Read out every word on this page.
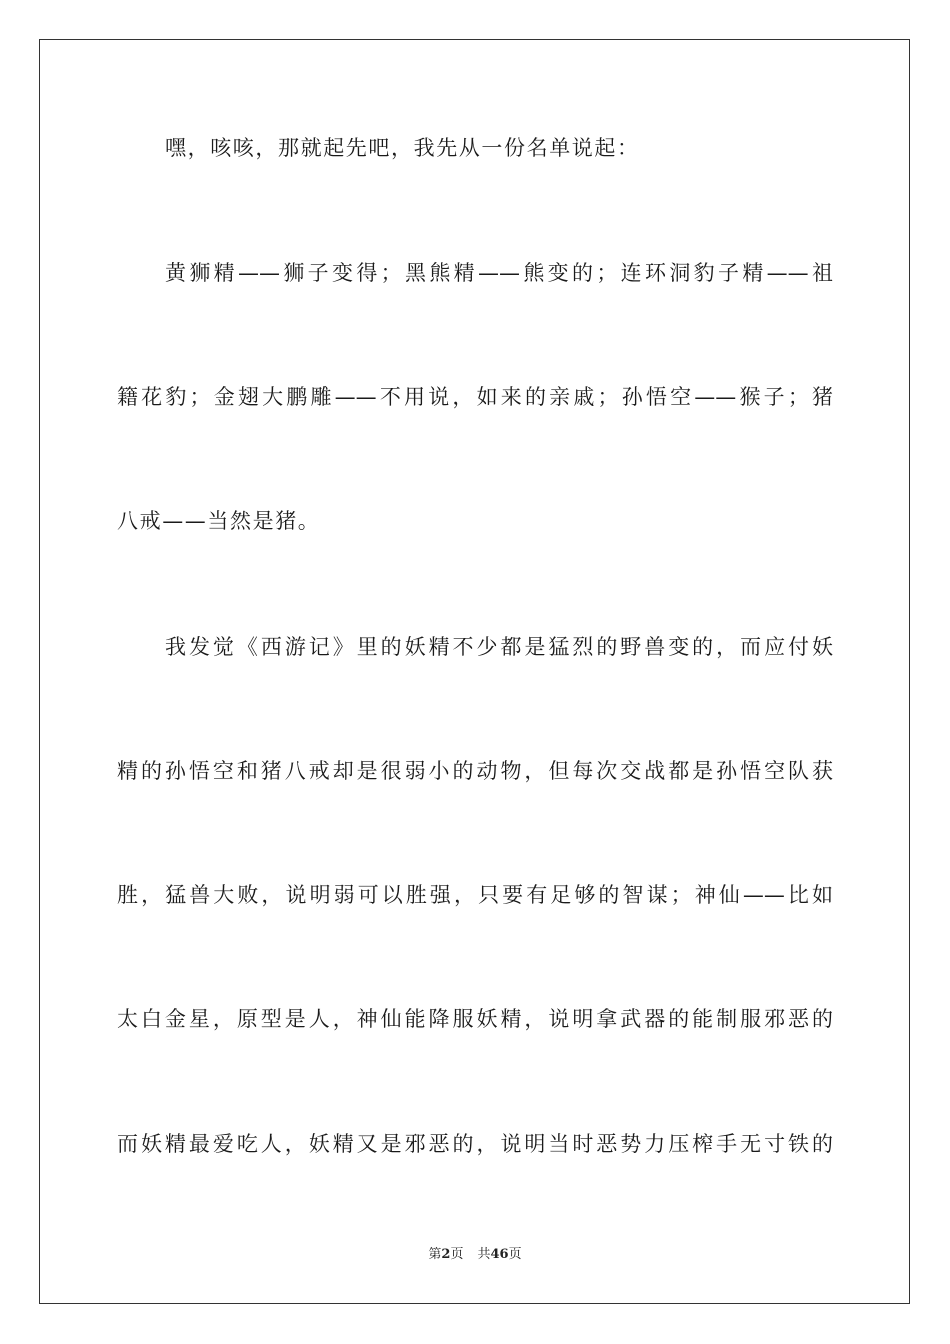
嘿，咳咳，那就起先吧，我先从一份名单说起：
黄狮精——狮子变得；黑熊精——熊变的；连环洞豹子精——祖
籍花豹；金翅大鹏雕——不用说，如来的亲戚；孙悟空——猴子；猪
八戒——当然是猪。
我发觉《西游记》里的妖精不少都是猛烈的野兽变的，而应付妖
精的孙悟空和猪八戒却是很弱小的动物，但每次交战都是孙悟空队获
胜，猛兽大败，说明弱可以胜强，只要有足够的智谋；神仙——比如
太白金星，原型是人，神仙能降服妖精，说明拿武器的能制服邪恶的
而妖精最爱吃人，妖精又是邪恶的，说明当时恶势力压榨手无寸铁的
第2页 共46页
